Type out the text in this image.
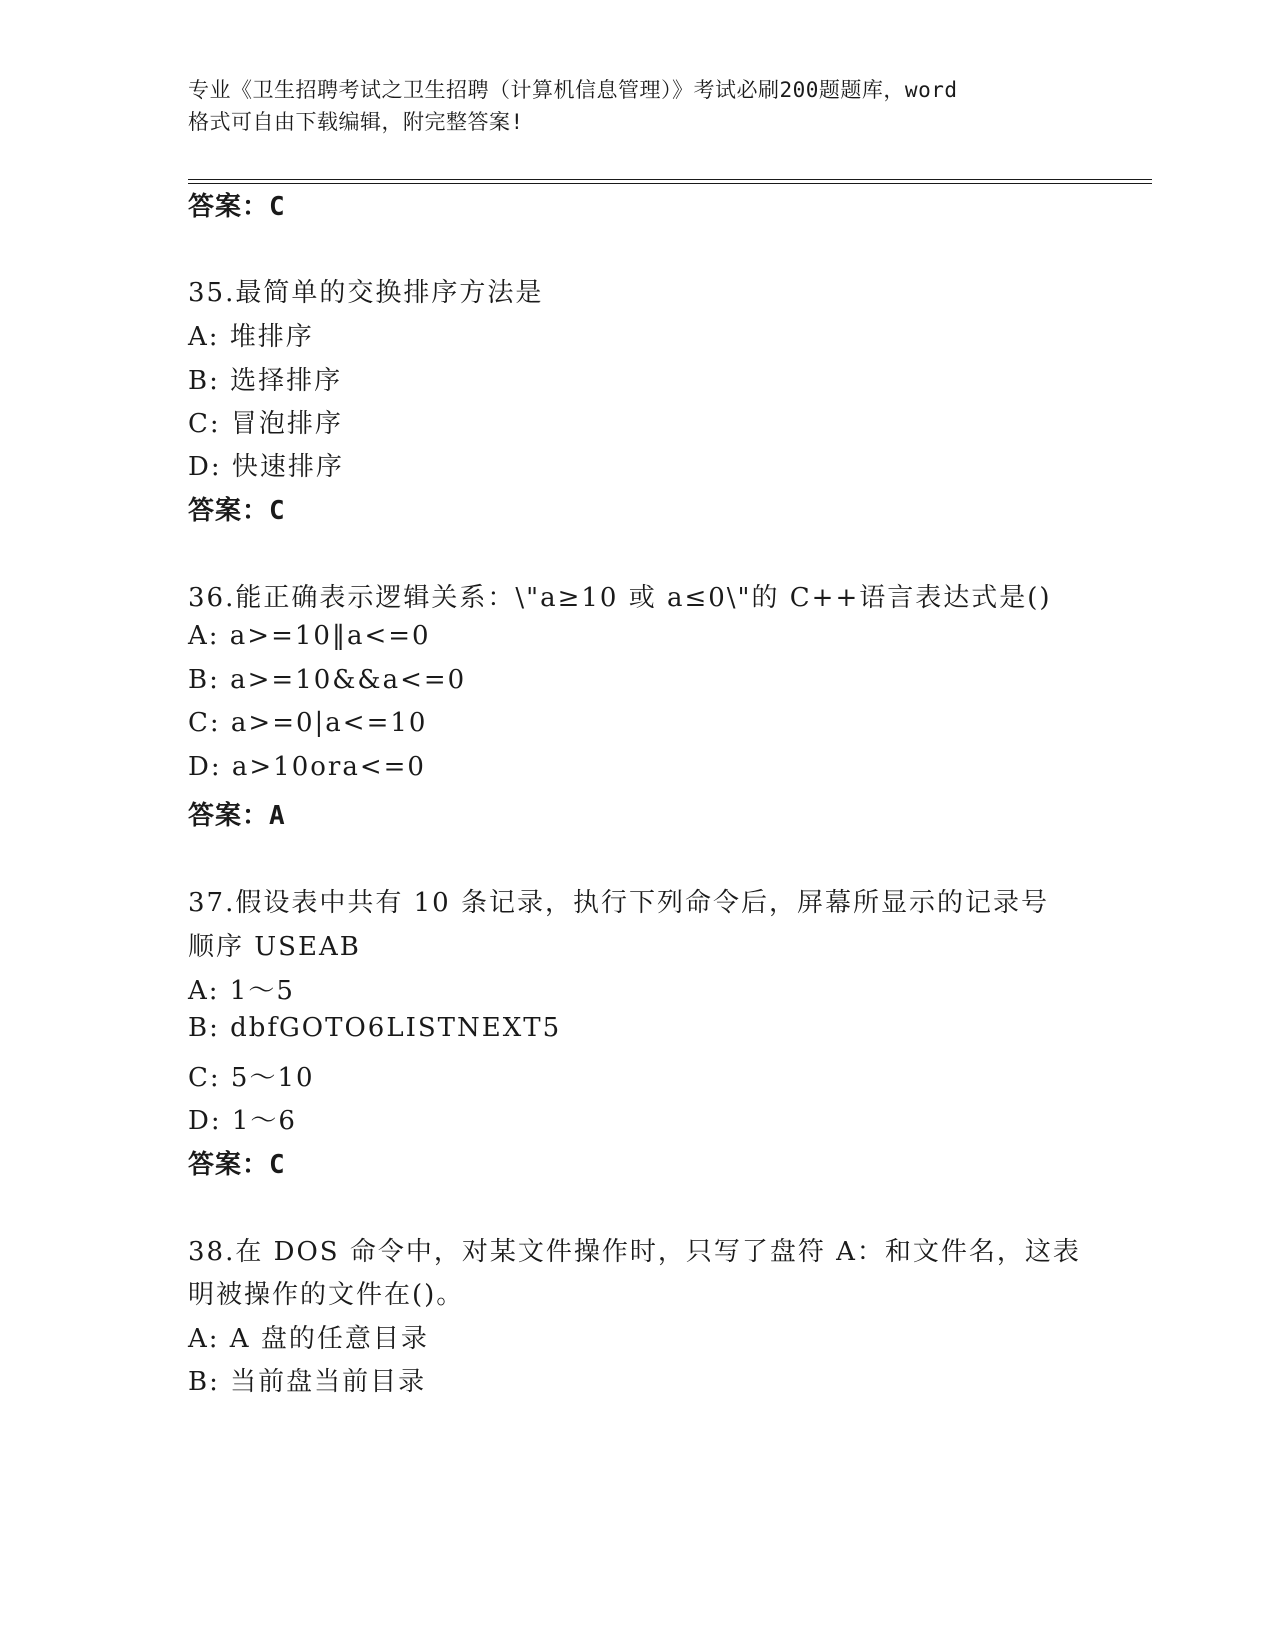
专业《卫生招聘考试之卫生招聘（计算机信息管理）》考试必刷200题题库，word
格式可自由下载编辑，附完整答案!
答案：C
35.最简单的交换排序方法是
A: 堆排序
B: 选择排序
C: 冒泡排序
D: 快速排序
答案：C
36.能正确表示逻辑关系：\"a≥10 或 a≤0\"的 C++语言表达式是()
A: a>=10‖a<=0
B: a>=10&&a<=0
C: a>=0|a<=10
D: a>10ora<=0
答案：A
37.假设表中共有 10 条记录，执行下列命令后，屏幕所显示的记录号
顺序 USEAB
A: 1～5
B: dbfGOTO6LISTNEXT5
C: 5～10
D: 1～6
答案：C
38.在 DOS 命令中，对某文件操作时，只写了盘符 A：和文件名，这表
明被操作的文件在()。
A: A 盘的任意目录
B: 当前盘当前目录
